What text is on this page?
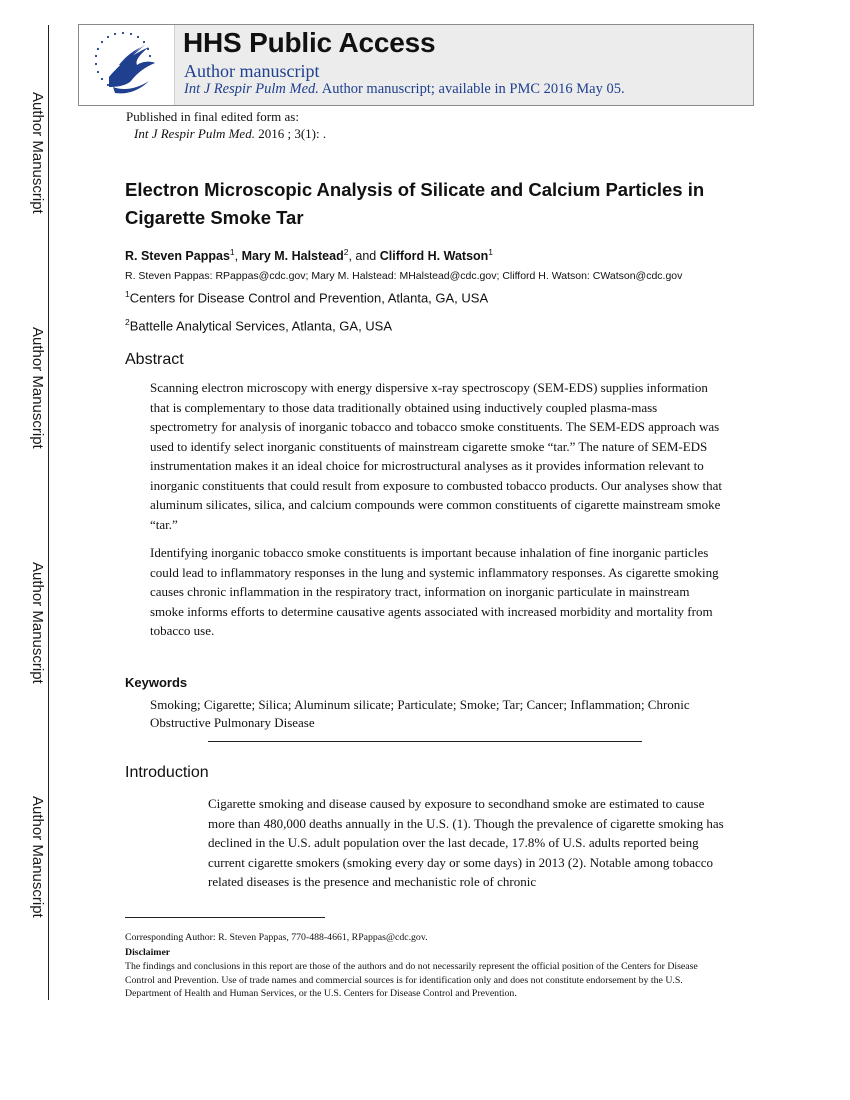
Author Manuscript
Author Manuscript
Author Manuscript
Author Manuscript
HHS Public Access
Author manuscript
Int J Respir Pulm Med. Author manuscript; available in PMC 2016 May 05.
Published in final edited form as:
Int J Respir Pulm Med. 2016 ; 3(1): .
Electron Microscopic Analysis of Silicate and Calcium Particles in Cigarette Smoke Tar
R. Steven Pappas$^1$, Mary M. Halstead$^2$, and Clifford H. Watson$^1$
R. Steven Pappas: RPappas@cdc.gov; Mary M. Halstead: MHalstead@cdc.gov; Clifford H. Watson: CWatson@cdc.gov
$^1$Centers for Disease Control and Prevention, Atlanta, GA, USA
$^2$Battelle Analytical Services, Atlanta, GA, USA
Abstract
Scanning electron microscopy with energy dispersive x-ray spectroscopy (SEM-EDS) supplies information that is complementary to those data traditionally obtained using inductively coupled plasma-mass spectrometry for analysis of inorganic tobacco and tobacco smoke constituents. The SEM-EDS approach was used to identify select inorganic constituents of mainstream cigarette smoke “tar.” The nature of SEM-EDS instrumentation makes it an ideal choice for microstructural analyses as it provides information relevant to inorganic constituents that could result from exposure to combusted tobacco products. Our analyses show that aluminum silicates, silica, and calcium compounds were common constituents of cigarette mainstream smoke “tar.”
Identifying inorganic tobacco smoke constituents is important because inhalation of fine inorganic particles could lead to inflammatory responses in the lung and systemic inflammatory responses. As cigarette smoking causes chronic inflammation in the respiratory tract, information on inorganic particulate in mainstream smoke informs efforts to determine causative agents associated with increased morbidity and mortality from tobacco use.
Keywords
Smoking; Cigarette; Silica; Aluminum silicate; Particulate; Smoke; Tar; Cancer; Inflammation; Chronic Obstructive Pulmonary Disease
Introduction
Cigarette smoking and disease caused by exposure to secondhand smoke are estimated to cause more than 480,000 deaths annually in the U.S. (1). Though the prevalence of cigarette smoking has declined in the U.S. adult population over the last decade, 17.8% of U.S. adults reported being current cigarette smokers (smoking every day or some days) in 2013 (2). Notable among tobacco related diseases is the presence and mechanistic role of chronic
Corresponding Author: R. Steven Pappas, 770-488-4661, RPappas@cdc.gov.
Disclaimer
The findings and conclusions in this report are those of the authors and do not necessarily represent the official position of the Centers for Disease Control and Prevention. Use of trade names and commercial sources is for identification only and does not constitute endorsement by the U.S. Department of Health and Human Services, or the U.S. Centers for Disease Control and Prevention.
